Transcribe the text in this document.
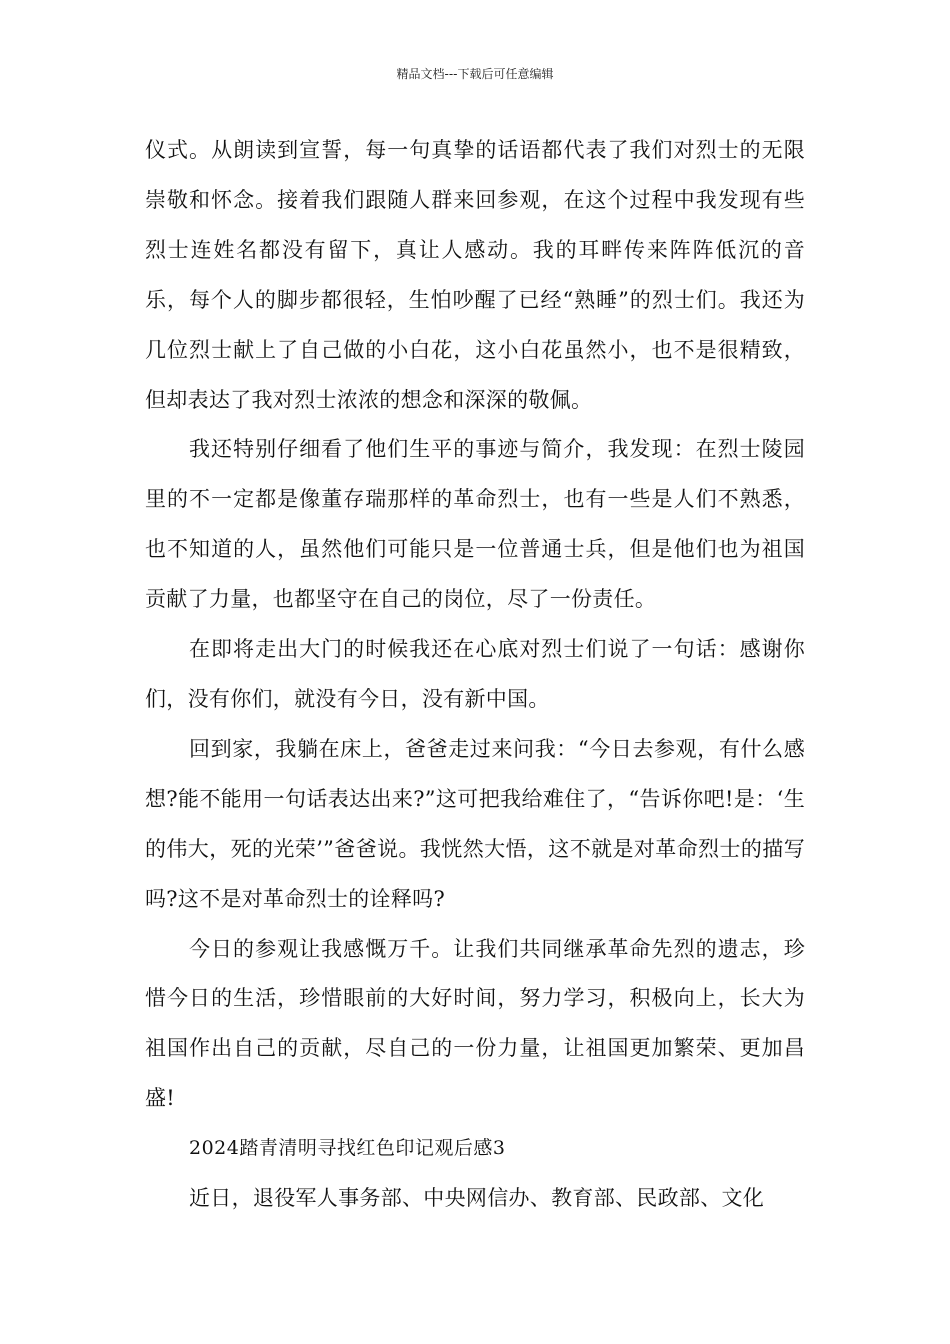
精品文档---下载后可任意编辑

仪式。从朗读到宣誓，每一句真挚的话语都代表了我们对烈士的无限崇敬和怀念。接着我们跟随人群来回参观，在这个过程中我发现有些烈士连姓名都没有留下，真让人感动。我的耳畔传来阵阵低沉的音乐，每个人的脚步都很轻，生怕吵醒了已经“熟睡”的烈士们。我还为几位烈士献上了自己做的小白花，这小白花虽然小，也不是很精致，但却表达了我对烈士浓浓的想念和深深的敬佩。

我还特别仔细看了他们生平的事迹与简介，我发现：在烈士陵园里的不一定都是像董存瑞那样的革命烈士，也有一些是人们不熟悉，也不知道的人，虽然他们可能只是一位普通士兵，但是他们也为祖国贡献了力量，也都坚守在自己的岗位，尽了一份责任。

在即将走出大门的时候我还在心底对烈士们说了一句话：感谢你们，没有你们，就没有今日，没有新中国。

回到家，我躺在床上，爸爸走过来问我：“今日去参观，有什么感想?能不能用一句话表达出来?”这可把我给难住了，“告诉你吧!是：‘生的伟大，死的光荣’”爸爸说。我恍然大悟，这不就是对革命烈士的描写吗?这不是对革命烈士的诠释吗?

今日的参观让我感慨万千。让我们共同继承革命先烈的遗志，珍惜今日的生活，珍惜眼前的大好时间，努力学习，积极向上，长大为祖国作出自己的贡献，尽自己的一份力量，让祖国更加繁荣、更加昌盛!

2024踏青清明寻找红色印记观后感3

近日，退役军人事务部、中央网信办、教育部、民政部、文化
